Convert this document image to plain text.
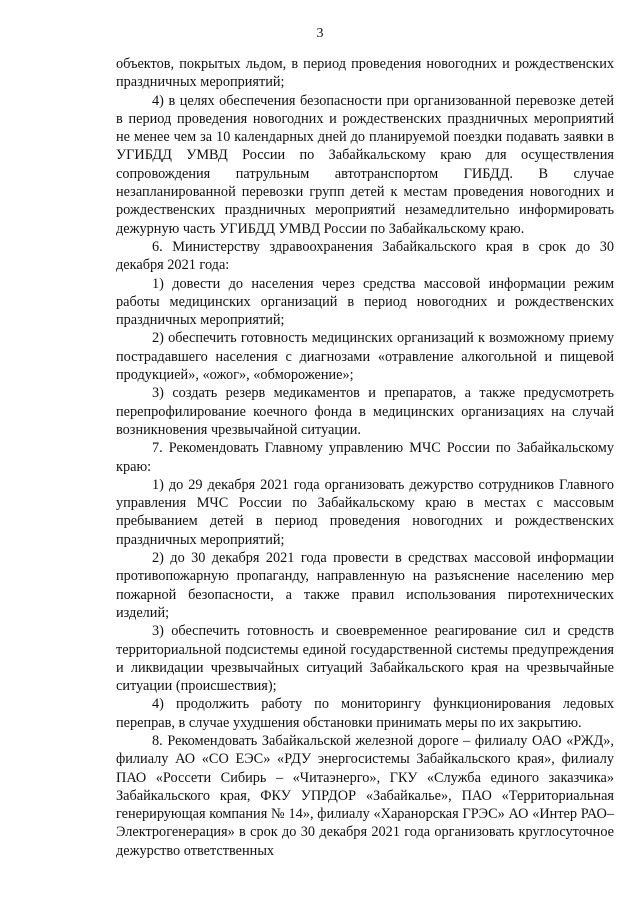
3

объектов, покрытых льдом, в период проведения новогодних и рождественских праздничных мероприятий;

4) в целях обеспечения безопасности при организованной перевозке детей в период проведения новогодних и рождественских праздничных мероприятий не менее чем за 10 календарных дней до планируемой поездки подавать заявки в УГИБДД УМВД России по Забайкальскому краю для осуществления сопровождения патрульным автотранспортом ГИБДД. В случае незапланированной перевозки групп детей к местам проведения новогодних и рождественских праздничных мероприятий незамедлительно информировать дежурную часть УГИБДД УМВД России по Забайкальскому краю.

6. Министерству здравоохранения Забайкальского края в срок до 30 декабря 2021 года:

1) довести до населения через средства массовой информации режим работы медицинских организаций в период новогодних и рождественских праздничных мероприятий;

2) обеспечить готовность медицинских организаций к возможному приему пострадавшего населения с диагнозами «отравление алкогольной и пищевой продукцией», «ожог», «обморожение»;

3) создать резерв медикаментов и препаратов, а также предусмотреть перепрофилирование коечного фонда в медицинских организациях на случай возникновения чрезвычайной ситуации.

7. Рекомендовать Главному управлению МЧС России по Забайкальскому краю:

1) до 29 декабря 2021 года организовать дежурство сотрудников Главного управления МЧС России по Забайкальскому краю в местах с массовым пребыванием детей в период проведения новогодних и рождественских праздничных мероприятий;

2) до 30 декабря 2021 года провести в средствах массовой информации противопожарную пропаганду, направленную на разъяснение населению мер пожарной безопасности, а также правил использования пиротехнических изделий;

3) обеспечить готовность и своевременное реагирование сил и средств территориальной подсистемы единой государственной системы предупреждения и ликвидации чрезвычайных ситуаций Забайкальского края на чрезвычайные ситуации (происшествия);

4) продолжить работу по мониторингу функционирования ледовых переправ, в случае ухудшения обстановки принимать меры по их закрытию.

8. Рекомендовать Забайкальской железной дороге – филиалу ОАО «РЖД», филиалу АО «СО ЕЭС» «РДУ энергосистемы Забайкальского края», филиалу ПАО «Россети Сибирь – «Читаэнерго», ГКУ «Служба единого заказчика» Забайкальского края, ФКУ УПРДОР «Забайкалье», ПАО «Территориальная генерирующая компания № 14», филиалу «Харанорская ГРЭС» АО «Интер РАО–Электрогенерация» в срок до 30 декабря 2021 года организовать круглосуточное дежурство ответственных
